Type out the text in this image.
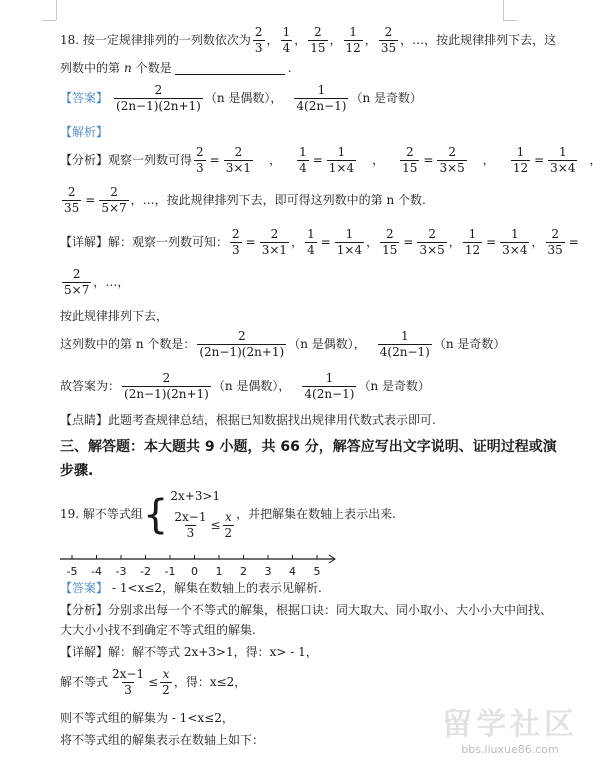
18. 按一定规律排列的一列数依次为 $\frac{2}{3}$ ， $\frac{1}{4}$ ， $\frac{2}{15}$ ， $\frac{1}{12}$ ， $\frac{2}{35}$ ，…，按此规律排列下去，这
列数中的第 n 个数是	.
【答案】 $\frac{2}{(2n-1)(2n+1)} (n$ 是偶数）， $\frac{1}{4(2n-1)} (n$ 是奇数）
【解析】
【分析】 观察一列数可得 $\frac{2}{3} = \frac{2}{3\times 1}$ ， $\frac{1}{4} = \frac{1}{1\times 4}$ ， $\frac{2}{15} = \frac{2}{3\times 5}$ ， $\frac{1}{12} = \frac{1}{3\times 4}$ ，
$\frac{2}{35} = \frac{2}{5\times 7}$ ，…，按此规律排列下去，即可得这列数中的第 n 个数.
【详解】 解：观察一列数可知： $\frac{2}{3} = \frac{2}{3\times 1}$ ， $\frac{1}{4} = \frac{1}{1\times 4}$ ， $\frac{2}{15} = \frac{2}{3\times 5}$ ， $\frac{1}{12} = \frac{1}{3\times 4}$ ， $\frac{2}{35}$ =
$\frac{2}{5\times 7}$ ，…，
按此规律排列下去，
这列数中的第 n 个数是： $\frac{2}{(2n-1)(2n+1)} (n$ 是偶数）， $\frac{1}{4(2n-1)} (n$ 是奇数）
故答案为： $\frac{2}{(2n-1)(2n+1)} (n$ 是偶数）， $\frac{1}{4(2n-1)} (n$ 是奇数）
【点睛】 此题考查规律总结，根据已知数据找出规律用代数式表示即可.
三、解答题：本大题共 9 小题，共 66 分，解答应写出文字说明、证明过程或演
步骤.
19. 解不等式组 { 2x+3>1
$\frac{2x-1}{3} \le \frac{x}{2}$ ，并把解集在数轴上表示出来.
-5 -4 -3 -2 -1 0 1 2 3 4 5
【答案】 - 1<x≤2，解集在数轴上的表示见解析.
【分析】 分别求出每一个不等式的解集，根据口诀：同大取大、同小取小、大小小大中间找、
大大小小找不到确定不等式组的解集.
【详解】 解：解不等式 2x+3>1，得：x> - 1，
解不等式 $\frac{2x-1}{3} \le \frac{x}{2}$ ，得：x≤2，
则不等式组的解集为 - 1<x≤2，
将不等式组的解集表示在数轴上如下：	留学社区
bbs.liuxue86.com
